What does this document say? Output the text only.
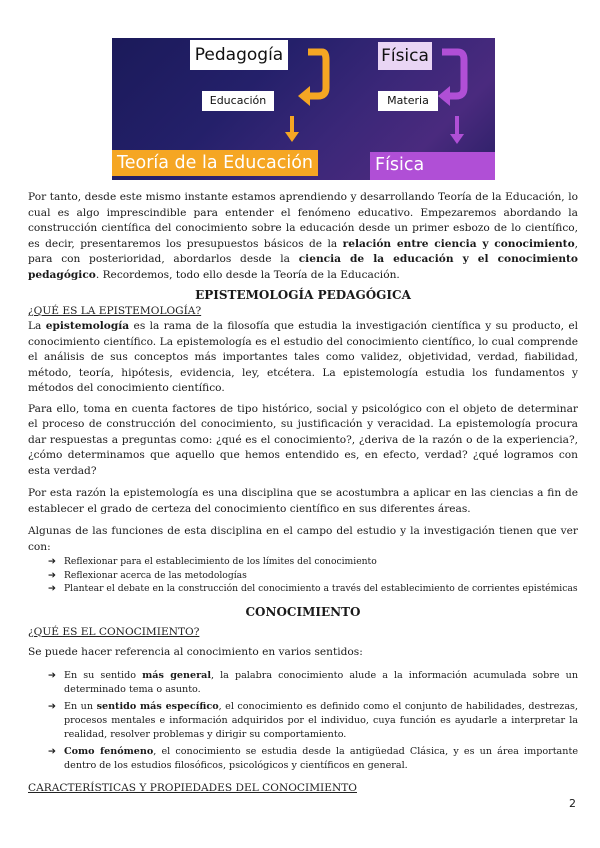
Pedagogía
Educación
Teoría de la Educación
Física
Materia
Física

Por tanto, desde este mismo instante estamos aprendiendo y desarrollando Teoría de la Educación, lo cual es algo imprescindible para entender el fenómeno educativo. Empezaremos abordando la construcción científica del conocimiento sobre la educación desde un primer esbozo de lo científico, es decir, presentaremos los presupuestos básicos de la relación entre ciencia y conocimiento, para con posterioridad, abordarlos desde la ciencia de la educación y el conocimiento pedagógico. Recordemos, todo ello desde la Teoría de la Educación.

EPISTEMOLOGÍA PEDAGÓGICA
¿QUÉ ES LA EPISTEMOLOGÍA?

La epistemología es la rama de la filosofía que estudia la investigación científica y su producto, el conocimiento científico. La epistemología es el estudio del conocimiento científico, lo cual comprende el análisis de sus conceptos más importantes tales como validez, objetividad, verdad, fiabilidad, método, teoría, hipótesis, evidencia, ley, etcétera. La epistemología estudia los fundamentos y métodos del conocimiento científico.

Para ello, toma en cuenta factores de tipo histórico, social y psicológico con el objeto de determinar el proceso de construcción del conocimiento, su justificación y veracidad. La epistemología procura dar respuestas a preguntas como: ¿qué es el conocimiento?, ¿deriva de la razón o de la experiencia?, ¿cómo determinamos que aquello que hemos entendido es, en efecto, verdad? ¿qué logramos con esta verdad?

Por esta razón la epistemología es una disciplina que se acostumbra a aplicar en las ciencias a fin de establecer el grado de certeza del conocimiento científico en sus diferentes áreas.

Algunas de las funciones de esta disciplina en el campo del estudio y la investigación tienen que ver con:

➔ Reflexionar para el establecimiento de los límites del conocimiento
➔ Reflexionar acerca de las metodologías
➔ Plantear el debate en la construcción del conocimiento a través del establecimiento de corrientes epistémicas
CONOCIMIENTO
¿QUÉ ES EL CONOCIMIENTO?

Se puede hacer referencia al conocimiento en varios sentidos:

➔ En su sentido más general, la palabra conocimiento alude a la información acumulada sobre un determinado tema o asunto.
➔ En un sentido más específico, el conocimiento es definido como el conjunto de habilidades, destrezas, procesos mentales e información adquiridos por el individuo, cuya función es ayudarle a interpretar la realidad, resolver problemas y dirigir su comportamiento.
➔ Como fenómeno, el conocimiento se estudia desde la antigüedad Clásica, y es un área importante dentro de los estudios filosóficos, psicológicos y científicos en general.
CARACTERÍSTICAS Y PROPIEDADES DEL CONOCIMIENTO
2
